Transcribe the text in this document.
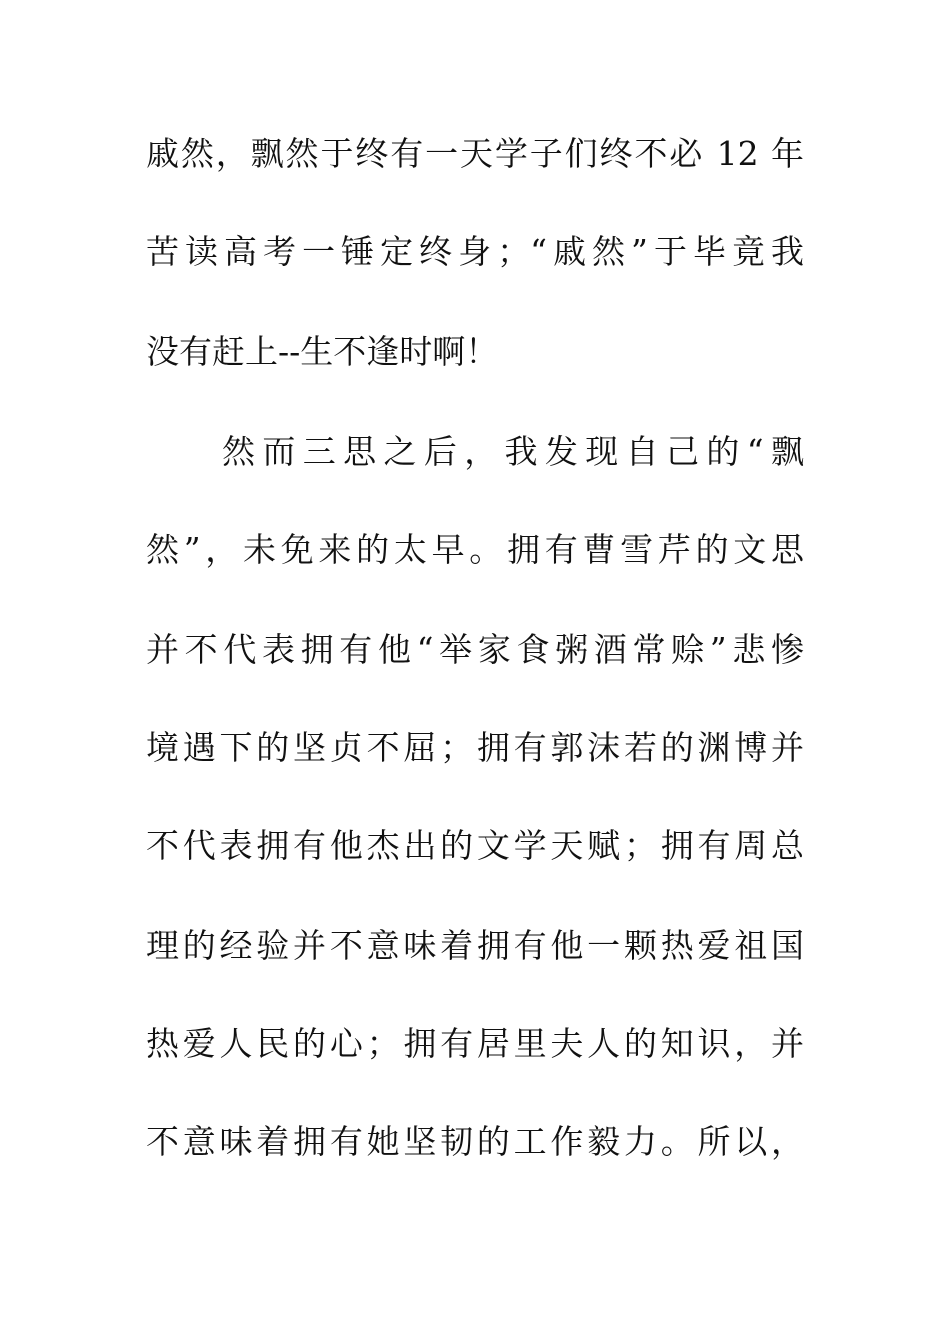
戚然，飘然于终有一天学子们终不必 12 年
苦读高考一锤定终身；“戚然”于毕竟我
没有赶上--生不逢时啊！
然而三思之后，我发现自己的“飘
然”，未免来的太早。拥有曹雪芹的文思
并不代表拥有他“举家食粥酒常赊”悲惨
境遇下的坚贞不屈；拥有郭沫若的渊博并
不代表拥有他杰出的文学天赋；拥有周总
理的经验并不意味着拥有他一颗热爱祖国
热爱人民的心；拥有居里夫人的知识，并
不意味着拥有她坚韧的工作毅力。所以，
